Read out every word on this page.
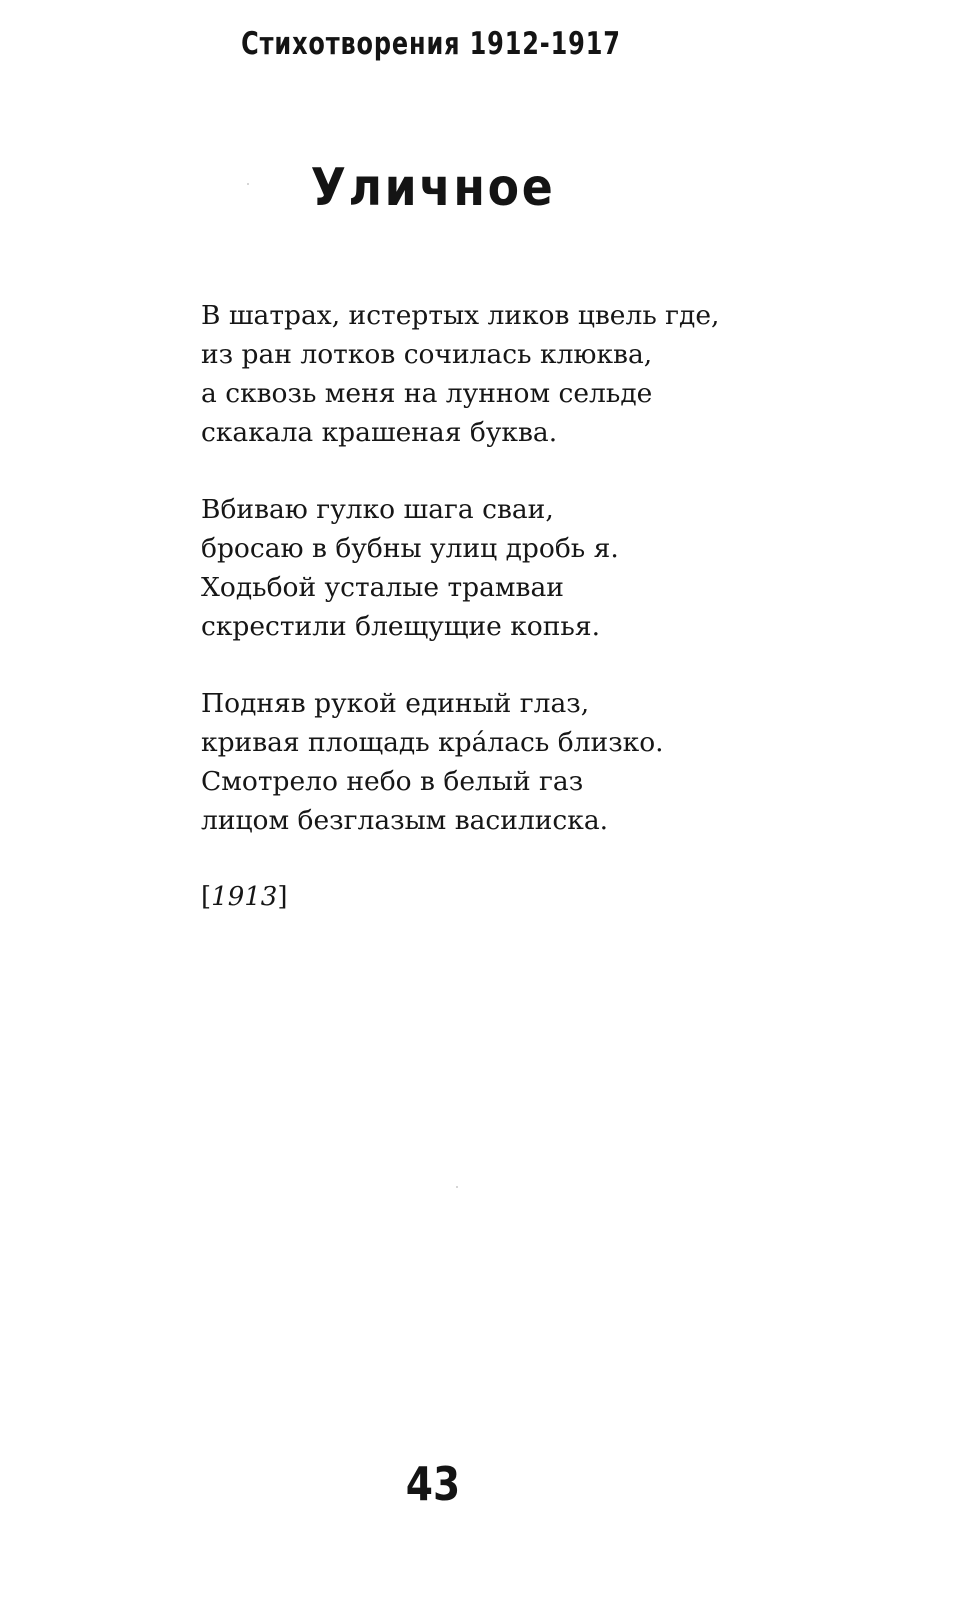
Стихотворения 1912-1917
Уличное
В шатрах, истертых ликов цвель где,
из ран лотков сочилась клюква,
а сквозь меня на лунном сельде
скакала крашеная буква.
Вбиваю гулко шага сваи,
бросаю в бубны улиц дробь я.
Ходьбой усталые трамваи
скрестили блещущие копья.
Подняв рукой единый глаз,
кривая площадь кра́лась близко.
Смотрело небо в белый газ
лицом безглазым василиска.
[1913]
43
